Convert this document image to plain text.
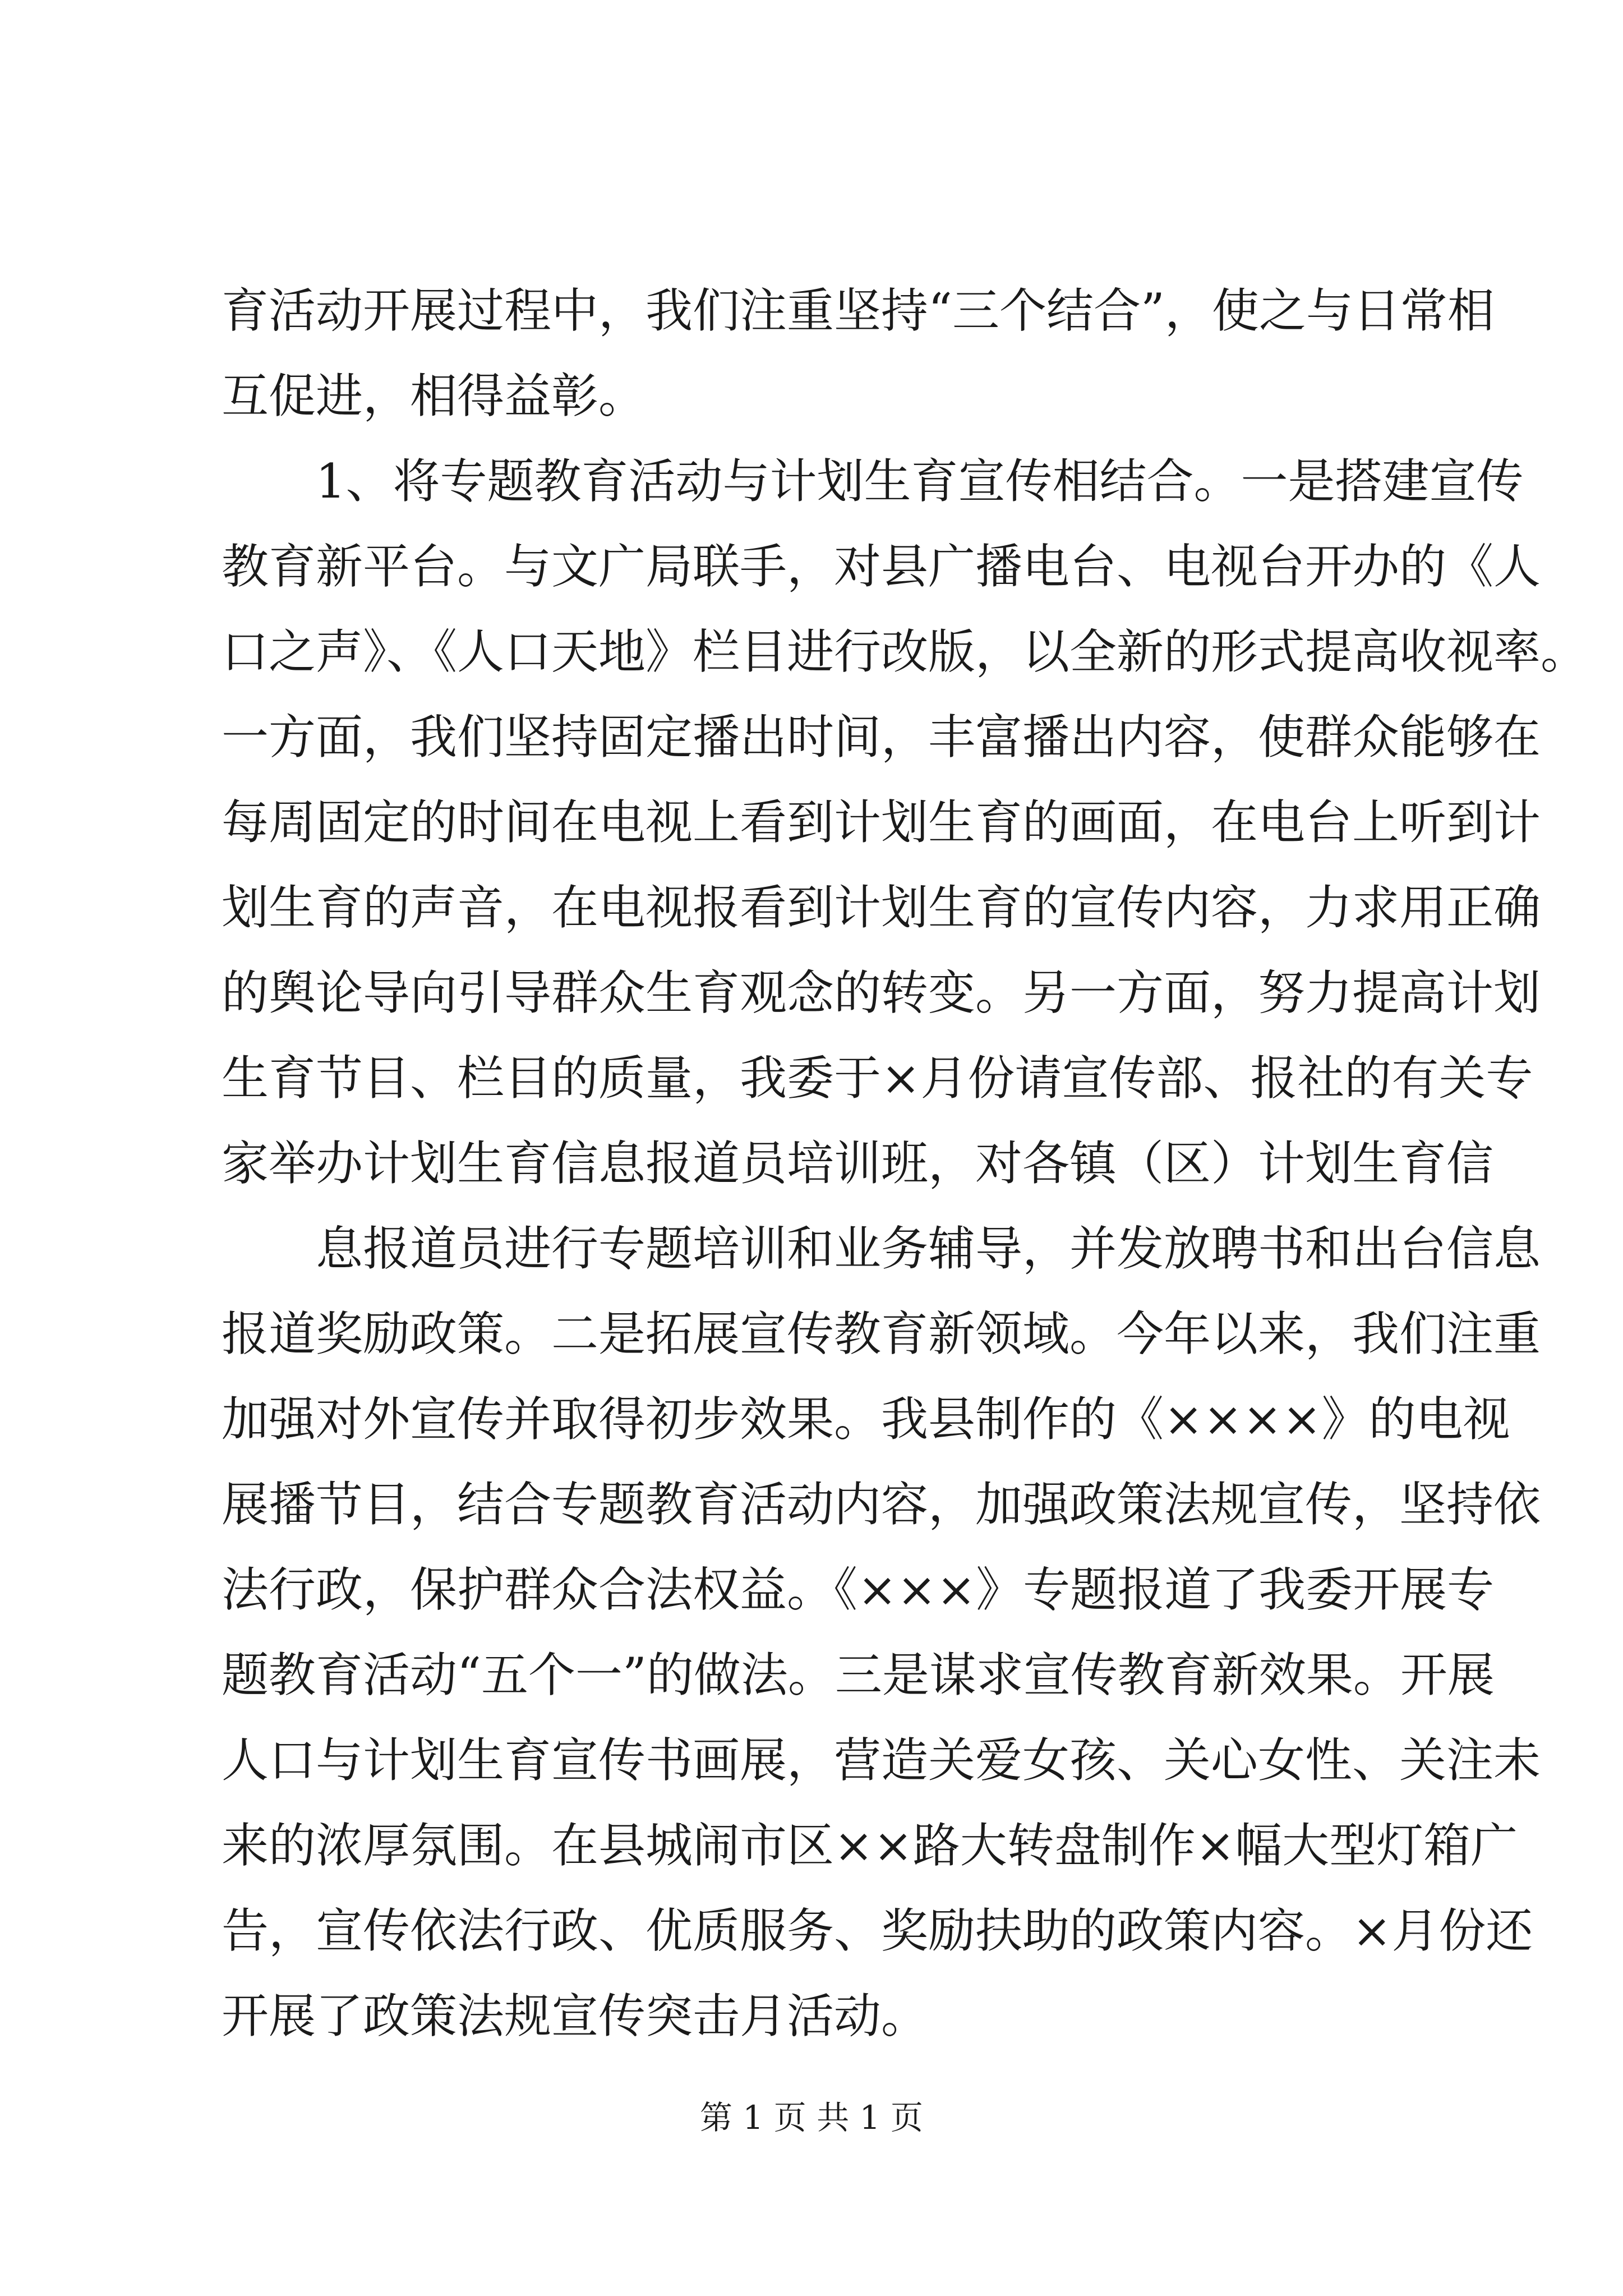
育活动开展过程中，我们注重坚持“三个结合”，使之与日常相
互促进，相得益彰。
1、将专题教育活动与计划生育宣传相结合。一是搭建宣传
教育新平台。与文广局联手，对县广播电台、电视台开办的《人
口之声》、《人口天地》栏目进行改版，以全新的形式提高收视率。
一方面，我们坚持固定播出时间，丰富播出内容，使群众能够在
每周固定的时间在电视上看到计划生育的画面，在电台上听到计
划生育的声音，在电视报看到计划生育的宣传内容，力求用正确
的舆论导向引导群众生育观念的转变。另一方面，努力提高计划
生育节目、栏目的质量，我委于×月份请宣传部、报社的有关专
家举办计划生育信息报道员培训班，对各镇（区）计划生育信
息报道员进行专题培训和业务辅导，并发放聘书和出台信息
报道奖励政策。二是拓展宣传教育新领域。今年以来，我们注重
加强对外宣传并取得初步效果。我县制作的《××××》的电视
展播节目，结合专题教育活动内容，加强政策法规宣传，坚持依
法行政，保护群众合法权益。《×××》专题报道了我委开展专
题教育活动“五个一”的做法。三是谋求宣传教育新效果。开展
人口与计划生育宣传书画展，营造关爱女孩、关心女性、关注未
来的浓厚氛围。在县城闹市区××路大转盘制作×幅大型灯箱广
告，宣传依法行政、优质服务、奖励扶助的政策内容。×月份还
开展了政策法规宣传突击月活动。
第 1 页 共 1 页
